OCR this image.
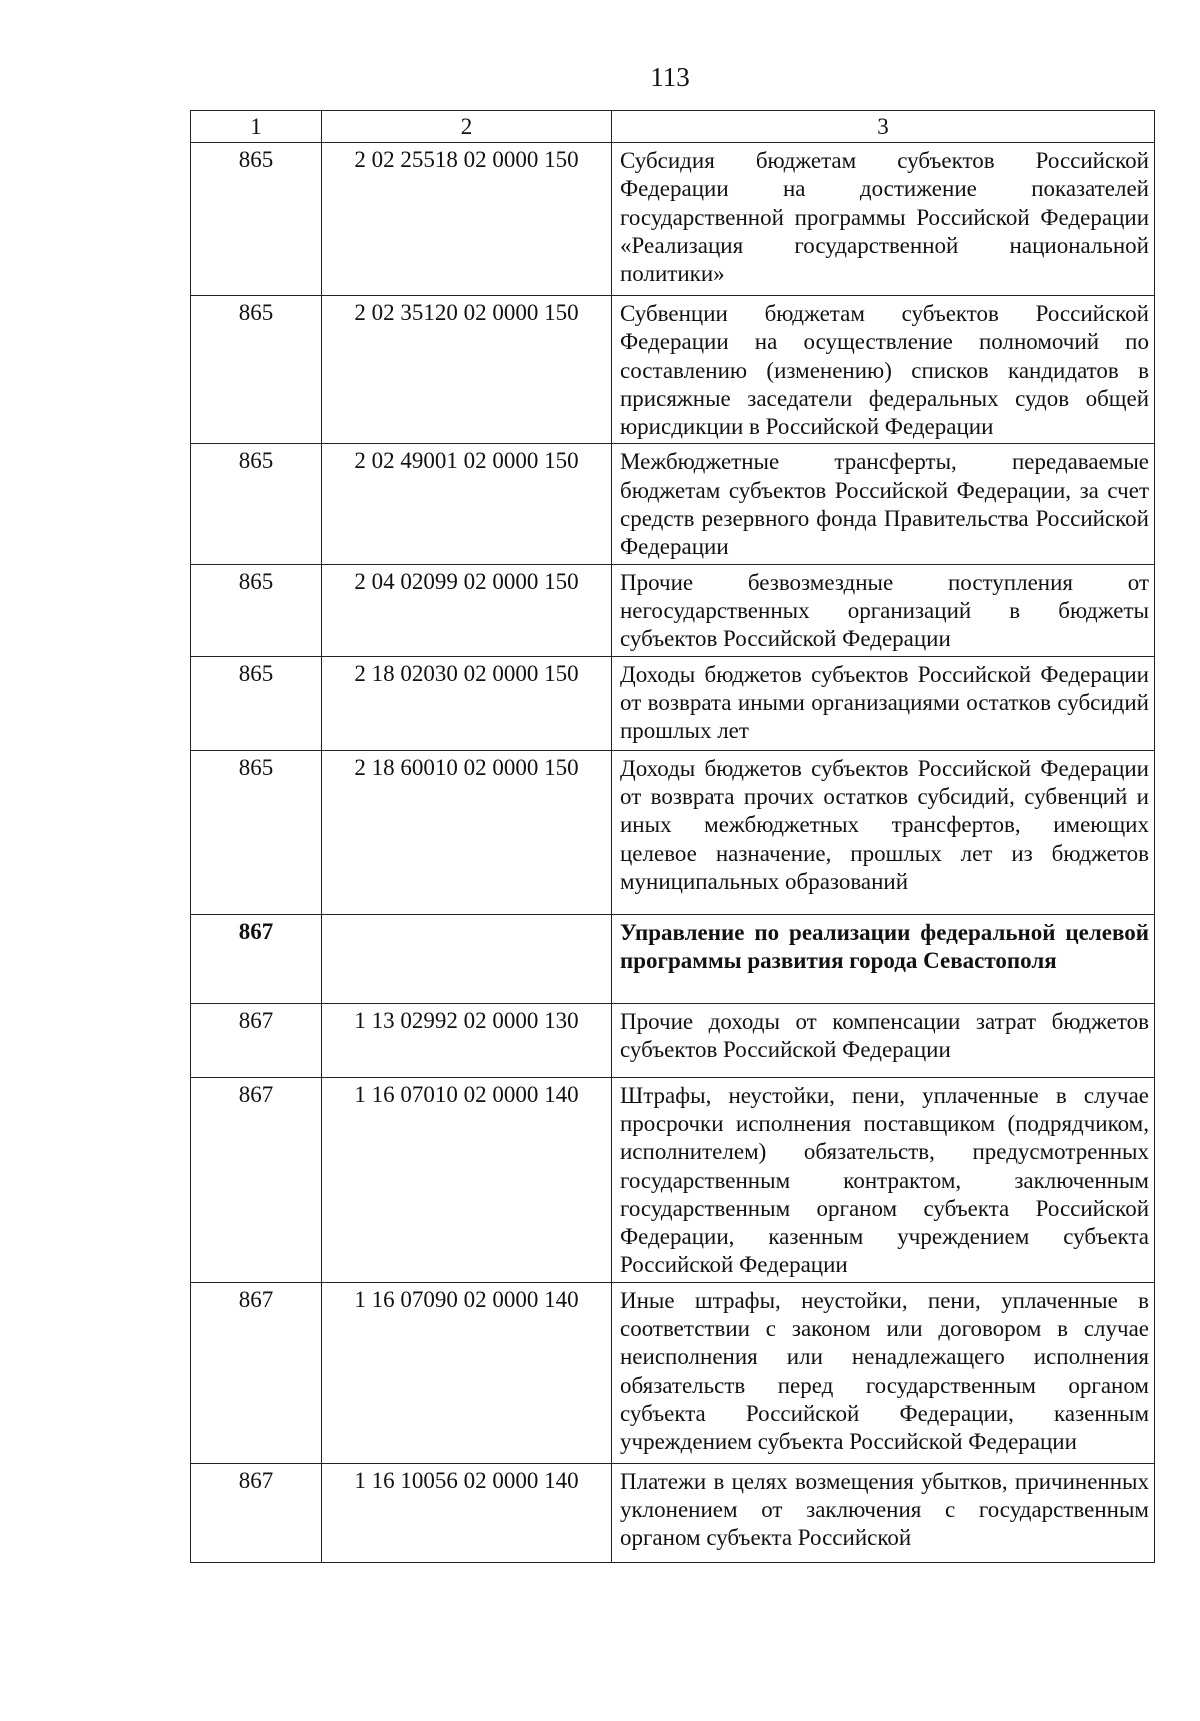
113
1	2	3
865	2 02 25518 02 0000 150	Субсидия бюджетам субъектов Российской Федерации на достижение показателей государственной программы Российской Федерации «Реализация государственной национальной политики»
865	2 02 35120 02 0000 150	Субвенции бюджетам субъектов Российской Федерации на осуществление полномочий по составлению (изменению) списков кандидатов в присяжные заседатели федеральных судов общей юрисдикции в Российской Федерации
865	2 02 49001 02 0000 150	Межбюджетные трансферты, передаваемые бюджетам субъектов Российской Федерации, за счет средств резервного фонда Правительства Российской Федерации
865	2 04 02099 02 0000 150	Прочие безвозмездные поступления от негосударственных организаций в бюджеты субъектов Российской Федерации
865	2 18 02030 02 0000 150	Доходы бюджетов субъектов Российской Федерации от возврата иными организациями остатков субсидий прошлых лет
865	2 18 60010 02 0000 150	Доходы бюджетов субъектов Российской Федерации от возврата прочих остатков субсидий, субвенций и иных межбюджетных трансфертов, имеющих целевое назначение, прошлых лет из бюджетов муниципальных образований
867		Управление по реализации федеральной целевой программы развития города Севастополя
867	1 13 02992 02 0000 130	Прочие доходы от компенсации затрат бюджетов субъектов Российской Федерации
867	1 16 07010 02 0000 140	Штрафы, неустойки, пени, уплаченные в случае просрочки исполнения поставщиком (подрядчиком, исполнителем) обязательств, предусмотренных государственным контрактом, заключенным государственным органом субъекта Российской Федерации, казенным учреждением субъекта Российской Федерации
867	1 16 07090 02 0000 140	Иные штрафы, неустойки, пени, уплаченные в соответствии с законом или договором в случае неисполнения или ненадлежащего исполнения обязательств перед государственным органом субъекта Российской Федерации, казенным учреждением субъекта Российской Федерации
867	1 16 10056 02 0000 140	Платежи в целях возмещения убытков, причиненных уклонением от заключения с государственным органом субъекта Российской
